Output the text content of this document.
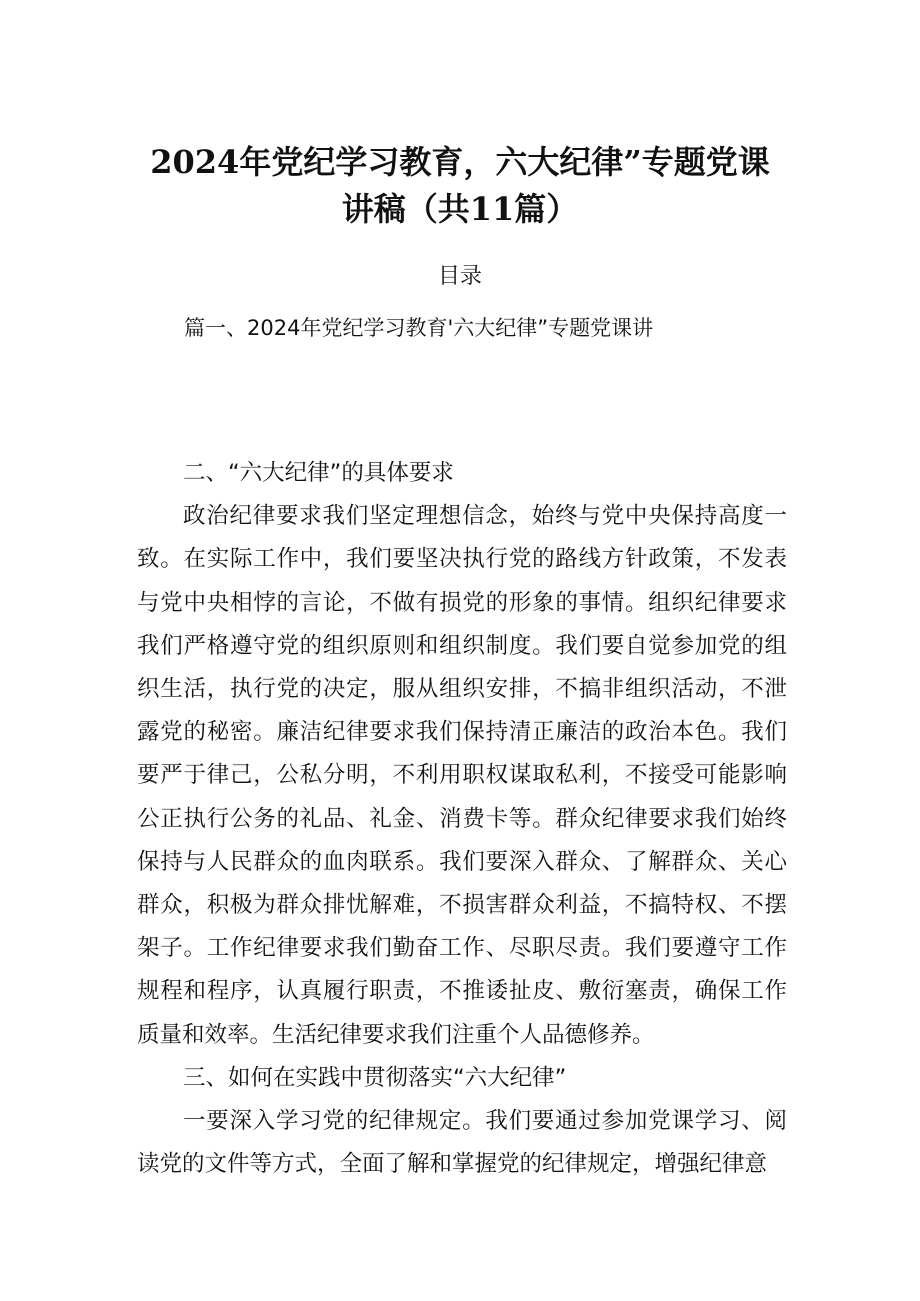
2024年党纪学习教育，六大纪律”专题党课
讲稿（共11篇）
目录
篇一、2024年党纪学习教育'六大纪律”专题党课讲

二、“六大纪律”的具体要求

政治纪律要求我们坚定理想信念，始终与党中央保持高度一致。在实际工作中，我们要坚决执行党的路线方针政策，不发表与党中央相悖的言论，不做有损党的形象的事情。组织纪律要求我们严格遵守党的组织原则和组织制度。我们要自觉参加党的组织生活，执行党的决定，服从组织安排，不搞非组织活动，不泄露党的秘密。廉洁纪律要求我们保持清正廉洁的政治本色。我们要严于律己，公私分明，不利用职权谋取私利，不接受可能影响公正执行公务的礼品、礼金、消费卡等。群众纪律要求我们始终保持与人民群众的血肉联系。我们要深入群众、了解群众、关心群众，积极为群众排忧解难，不损害群众利益，不搞特权、不摆架子。工作纪律要求我们勤奋工作、尽职尽责。我们要遵守工作规程和程序，认真履行职责，不推诿扯皮、敷衍塞责，确保工作质量和效率。生活纪律要求我们注重个人品德修养。

三、如何在实践中贯彻落实“六大纪律”

一要深入学习党的纪律规定。我们要通过参加党课学习、阅读党的文件等方式，全面了解和掌握党的纪律规定，增强纪律意
